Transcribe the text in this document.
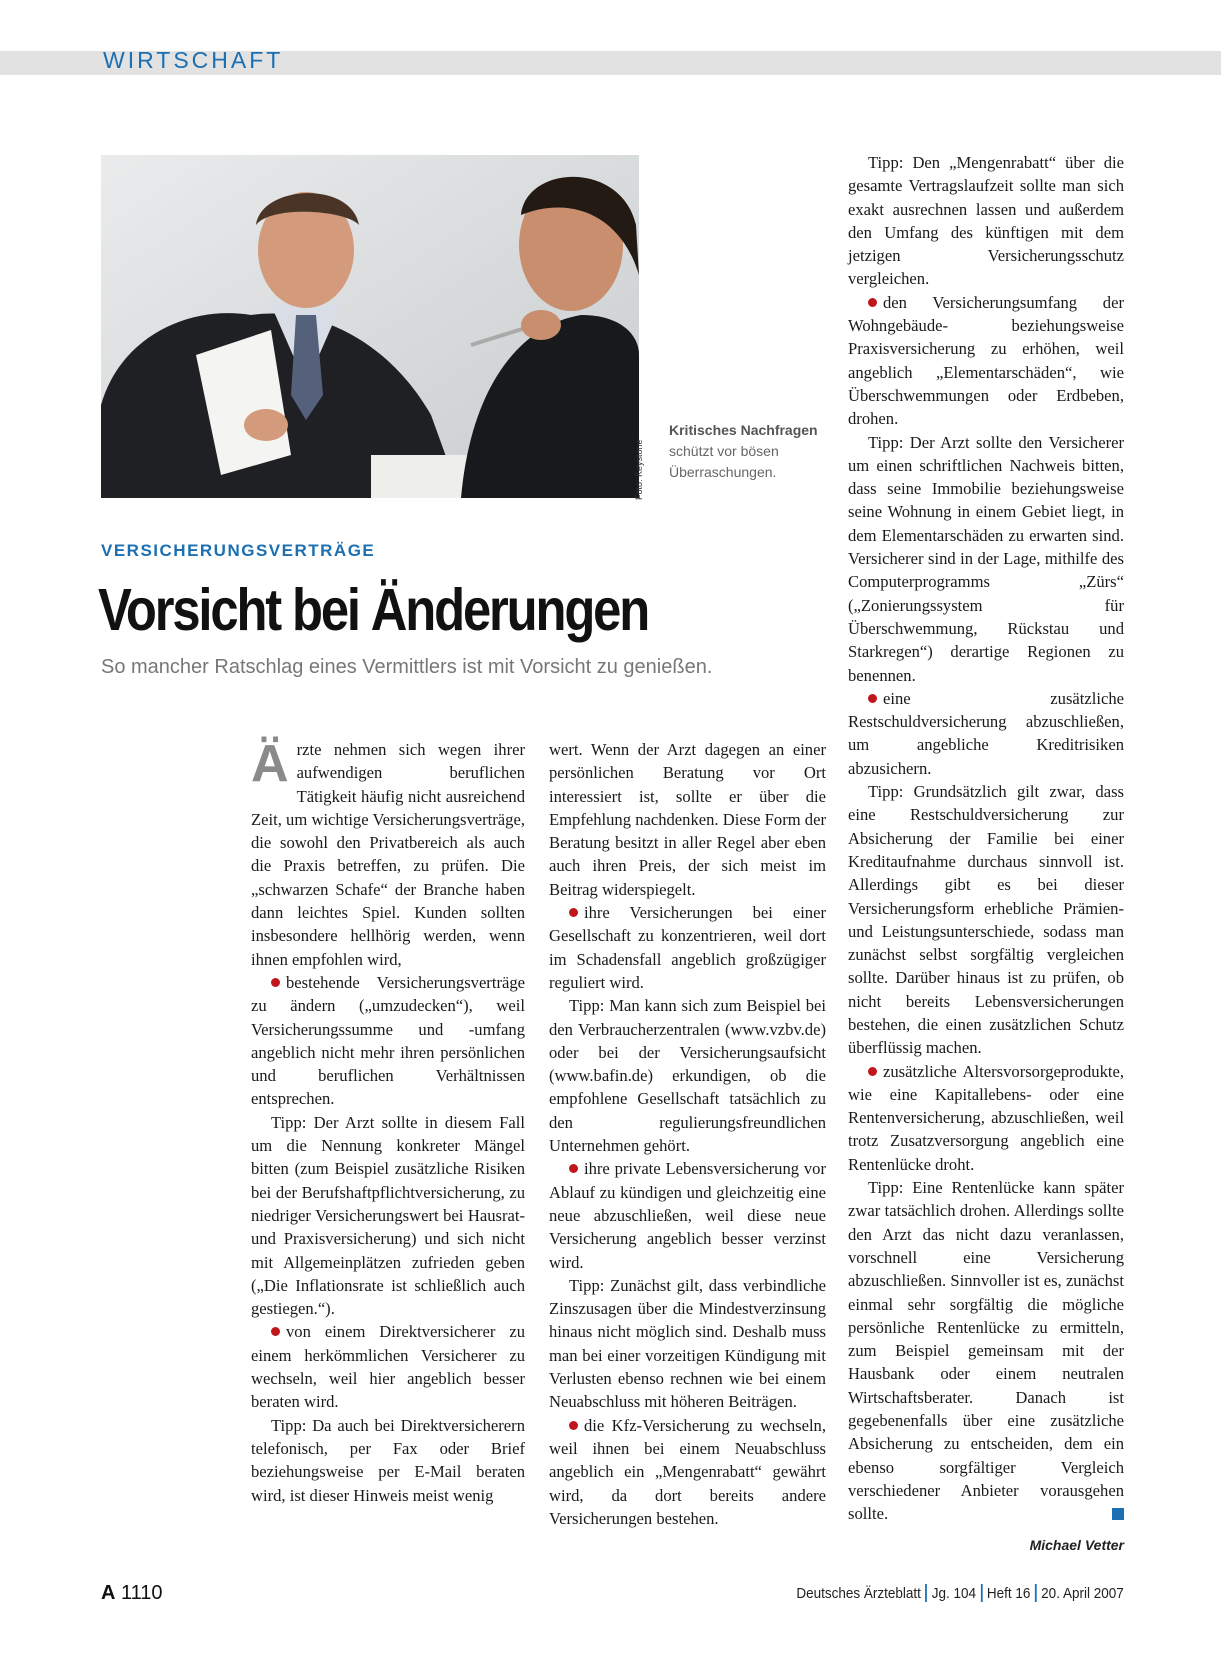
WIRTSCHAFT
Foto: Keystone
Kritisches Nachfragen
schützt vor bösen Überraschungen.
VERSICHERUNGSVERTRÄGE
Vorsicht bei Änderungen
So mancher Ratschlag eines Vermittlers ist mit Vorsicht zu genießen.

Ärzte nehmen sich wegen ihrer aufwendigen beruflichen Tätigkeit häufig nicht ausreichend Zeit, um wichtige Versicherungsverträge, die sowohl den Privatbereich als auch die Praxis betreffen, zu prüfen. Die „schwarzen Schafe“ der Branche haben dann leichtes Spiel. Kunden sollten insbesondere hellhörig werden, wenn ihnen empfohlen wird,

bestehende Versicherungsverträge zu ändern („umzudecken“), weil Versicherungssumme und -umfang angeblich nicht mehr ihren persönlichen und beruflichen Verhältnissen entsprechen.

Tipp: Der Arzt sollte in diesem Fall um die Nennung konkreter Mängel bitten (zum Beispiel zusätzliche Risiken bei der Berufshaftpflichtversicherung, zu niedriger Versicherungswert bei Hausrat- und Praxisversicherung) und sich nicht mit Allgemeinplätzen zufrieden geben („Die Inflationsrate ist schließlich auch gestiegen.“).

von einem Direktversicherer zu einem herkömmlichen Versicherer zu wechseln, weil hier angeblich besser beraten wird.

Tipp: Da auch bei Direktversicherern telefonisch, per Fax oder Brief beziehungsweise per E-Mail beraten wird, ist dieser Hinweis meist wenig

wert. Wenn der Arzt dagegen an einer persönlichen Beratung vor Ort interessiert ist, sollte er über die Empfehlung nachdenken. Diese Form der Beratung besitzt in aller Regel aber eben auch ihren Preis, der sich meist im Beitrag widerspiegelt.

ihre Versicherungen bei einer Gesellschaft zu konzentrieren, weil dort im Schadensfall angeblich großzügiger reguliert wird.

Tipp: Man kann sich zum Beispiel bei den Verbraucherzentralen (www.vzbv.de) oder bei der Versicherungsaufsicht (www.bafin.de) erkundigen, ob die empfohlene Gesellschaft tatsächlich zu den regulierungsfreundlichen Unternehmen gehört.

ihre private Lebensversicherung vor Ablauf zu kündigen und gleichzeitig eine neue abzuschließen, weil diese neue Versicherung angeblich besser verzinst wird.

Tipp: Zunächst gilt, dass verbindliche Zinszusagen über die Mindestverzinsung hinaus nicht möglich sind. Deshalb muss man bei einer vorzeitigen Kündigung mit Verlusten ebenso rechnen wie bei einem Neuabschluss mit höheren Beiträgen.

die Kfz-Versicherung zu wechseln, weil ihnen bei einem Neuabschluss angeblich ein „Mengenrabatt“ gewährt wird, da dort bereits andere Versicherungen bestehen.

Tipp: Den „Mengenrabatt“ über die gesamte Vertragslaufzeit sollte man sich exakt ausrechnen lassen und außerdem den Umfang des künftigen mit dem jetzigen Versicherungsschutz vergleichen.

den Versicherungsumfang der Wohngebäude- beziehungsweise Praxisversicherung zu erhöhen, weil angeblich „Elementarschäden“, wie Überschwemmungen oder Erdbeben, drohen.

Tipp: Der Arzt sollte den Versicherer um einen schriftlichen Nachweis bitten, dass seine Immobilie beziehungsweise seine Wohnung in einem Gebiet liegt, in dem Elementarschäden zu erwarten sind. Versicherer sind in der Lage, mithilfe des Computerprogramms „Zürs“ („Zonierungssystem für Überschwemmung, Rückstau und Starkregen“) derartige Regionen zu benennen.

eine zusätzliche Restschuldversicherung abzuschließen, um angebliche Kreditrisiken abzusichern.

Tipp: Grundsätzlich gilt zwar, dass eine Restschuldversicherung zur Absicherung der Familie bei einer Kreditaufnahme durchaus sinnvoll ist. Allerdings gibt es bei dieser Versicherungsform erhebliche Prämien- und Leistungsunterschiede, sodass man zunächst selbst sorgfältig vergleichen sollte. Darüber hinaus ist zu prüfen, ob nicht bereits Lebensversicherungen bestehen, die einen zusätzlichen Schutz überflüssig machen.

zusätzliche Altersvorsorgeprodukte, wie eine Kapitallebens- oder eine Rentenversicherung, abzuschließen, weil trotz Zusatzversorgung angeblich eine Rentenlücke droht.

Tipp: Eine Rentenlücke kann später zwar tatsächlich drohen. Allerdings sollte den Arzt das nicht dazu veranlassen, vorschnell eine Versicherung abzuschließen. Sinnvoller ist es, zunächst einmal sehr sorgfältig die mögliche persönliche Rentenlücke zu ermitteln, zum Beispiel gemeinsam mit der Hausbank oder einem neutralen Wirtschaftsberater. Danach ist gegebenenfalls über eine zusätzliche Absicherung zu entscheiden, dem ein ebenso sorgfältiger Vergleich verschiedener Anbieter vorausgehen sollte.

Michael Vetter
A 1110	Deutsches Ärzteblatt Jg. 104 Heft 16 20. April 2007
